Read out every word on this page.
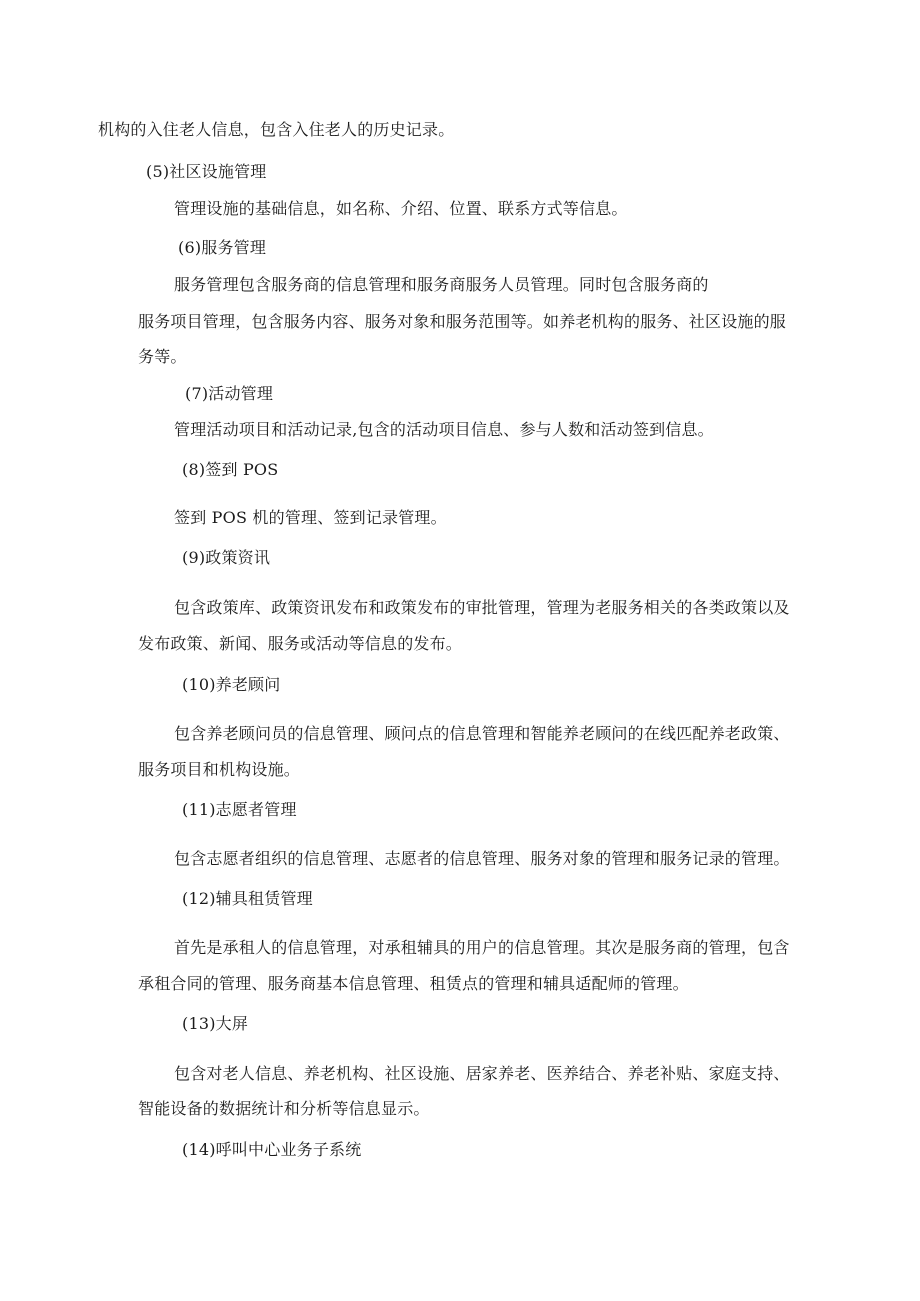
机构的入住老人信息，包含入住老人的历史记录。
(5)社区设施管理
管理设施的基础信息，如名称、介绍、位置、联系方式等信息。
(6)服务管理
服务管理包含服务商的信息管理和服务商服务人员管理。同时包含服务商的
服务项目管理，包含服务内容、服务对象和服务范围等。如养老机构的服务、社区设施的服
务等。
(7)活动管理
管理活动项目和活动记录,包含的活动项目信息、参与人数和活动签到信息。
(8)签到 POS
签到 POS 机的管理、签到记录管理。
(9)政策资讯
包含政策库、政策资讯发布和政策发布的审批管理，管理为老服务相关的各类政策以及
发布政策、新闻、服务或活动等信息的发布。
(10)养老顾问
包含养老顾问员的信息管理、顾问点的信息管理和智能养老顾问的在线匹配养老政策、
服务项目和机构设施。
(11)志愿者管理
包含志愿者组织的信息管理、志愿者的信息管理、服务对象的管理和服务记录的管理。
(12)辅具租赁管理
首先是承租人的信息管理，对承租辅具的用户的信息管理。其次是服务商的管理，包含
承租合同的管理、服务商基本信息管理、租赁点的管理和辅具适配师的管理。
(13)大屏
包含对老人信息、养老机构、社区设施、居家养老、医养结合、养老补贴、家庭支持、
智能设备的数据统计和分析等信息显示。
(14)呼叫中心业务子系统
